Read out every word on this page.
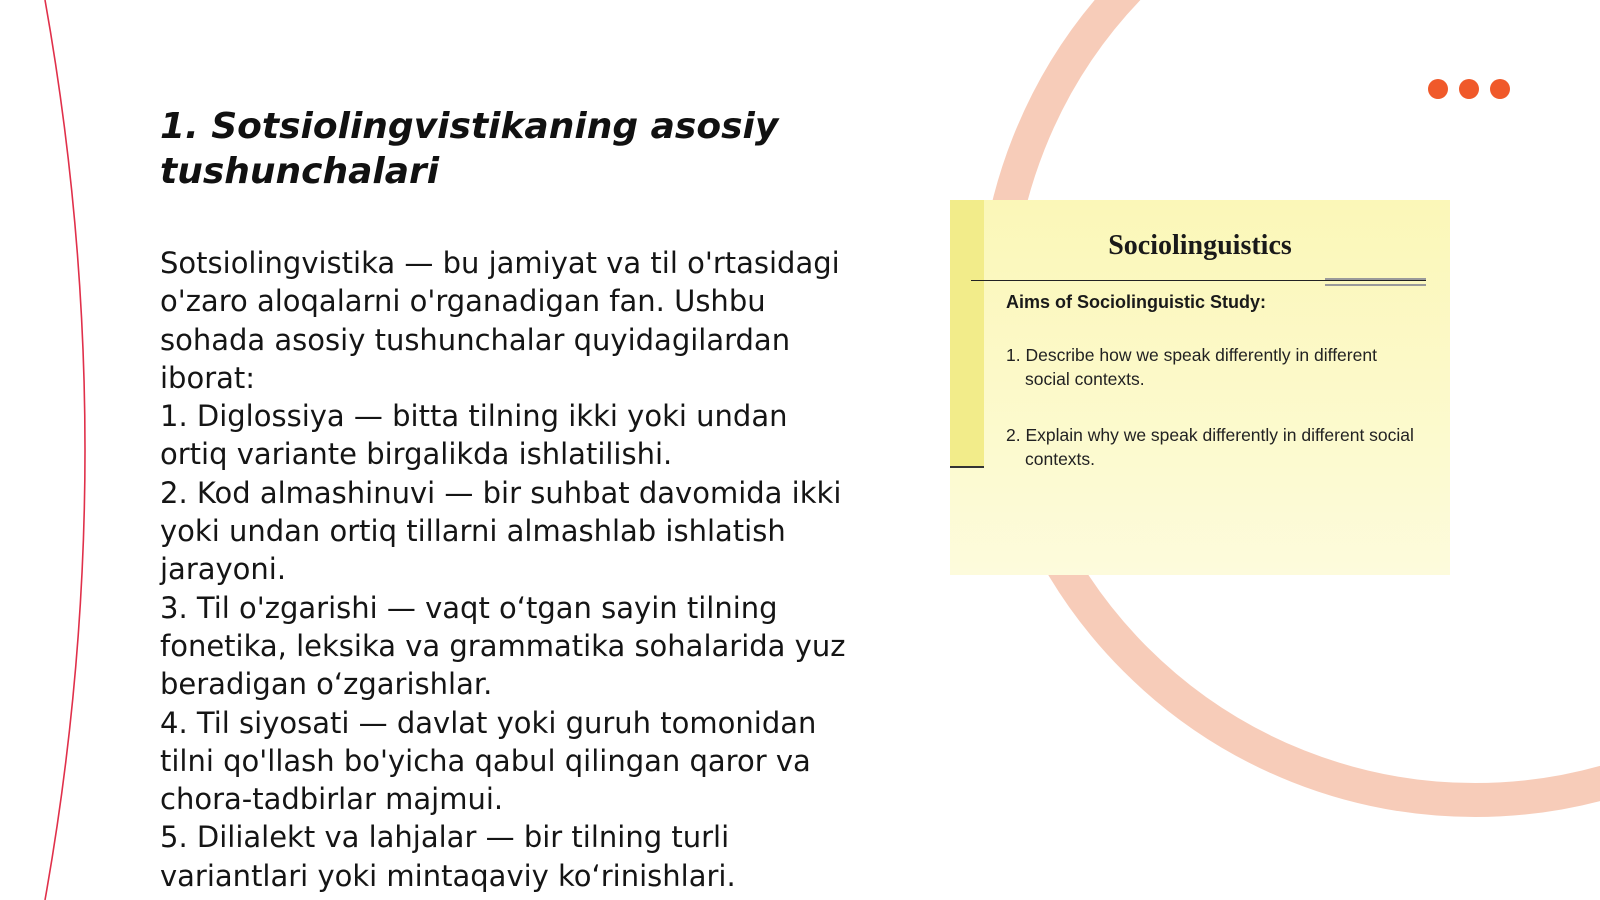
1. Sotsiolingvistikaning asosiy tushunchalari

Sotsiolingvistika — bu jamiyat va til o'rtasidagi o'zaro aloqalarni o'rganadigan fan. Ushbu sohada asosiy tushunchalar quyidagilardan iborat:

1. Diglossiya — bitta tilning ikki yoki undan ortiq variante birgalikda ishlatilishi.

2. Kod almashinuvi — bir suhbat davomida ikki yoki undan ortiq tillarni almashlab ishlatish jarayoni.

3. Til o'zgarishi — vaqt o‘tgan sayin tilning fonetika, leksika va grammatika sohalarida yuz beradigan o‘zgarishlar.

4. Til siyosati — davlat yoki guruh tomonidan tilni qo'llash bo'yicha qabul qilingan qaror va chora-tadbirlar majmui.

5. Dilialekt va lahjalar — bir tilning turli variantlari yoki mintaqaviy ko‘rinishlari.

Sociolinguistics
Aims of Sociolinguistic Study:
1. Describe how we speak differently in different social contexts.
2. Explain why we speak differently in different social contexts.
